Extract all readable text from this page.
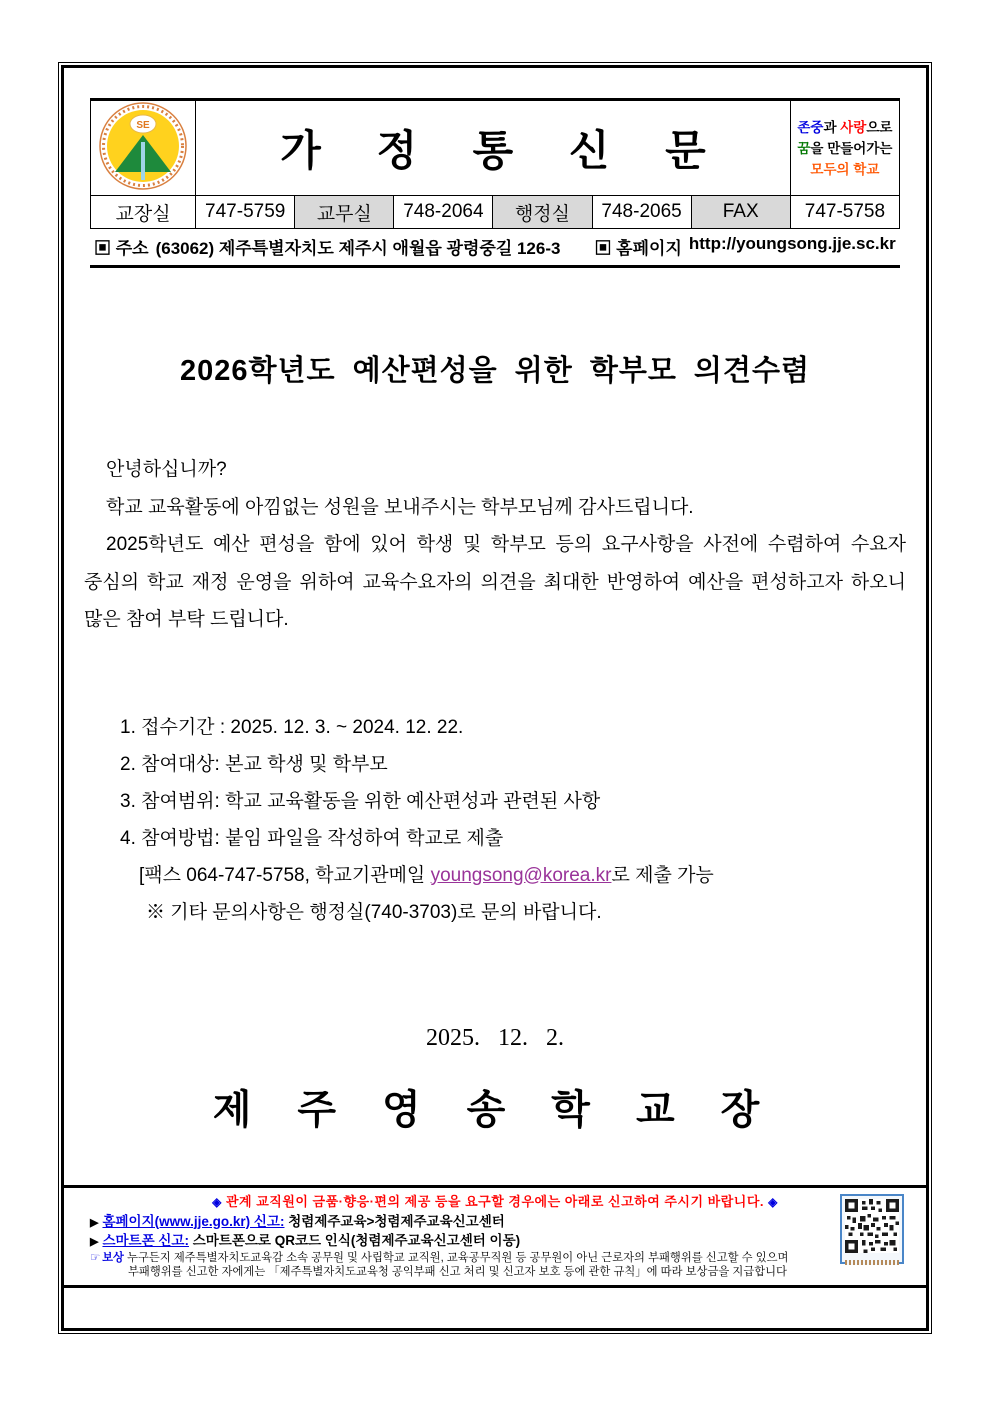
SE	가 정 통 신 문						존중과 사랑으로
꿈을 만들어가는
모두의 학교

교장실	747-5759	교무실	748-2064	행정실	748-2065	FAX	747-5758
▣ 주소 (63062) 제주특별자치도 제주시 애월읍 광령중길 126-3 ▣ 홈페이지 http://youngsong.jje.sc.kr
2026학년도 예산편성을 위한 학부모 의견수렴

안녕하십니까?

학교 교육활동에 아낌없는 성원을 보내주시는 학부모님께 감사드립니다.

2025학년도 예산 편성을 함에 있어 학생 및 학부모 등의 요구사항을 사전에 수렴하여 수요자 중심의 학교 재정 운영을 위하여 교육수요자의 의견을 최대한 반영하여 예산을 편성하고자 하오니 많은 참여 부탁 드립니다.

1. 접수기간 : 2025. 12. 3. ~ 2024. 12. 22.
2. 참여대상: 본교 학생 및 학부모
3. 참여범위: 학교 교육활동을 위한 예산편성과 관련된 사항
4. 참여방법: 붙임 파일을 작성하여 학교로 제출
[팩스 064-747-5758, 학교기관메일 youngsong@korea.kr로 제출 가능
※ 기타 문의사항은 행정실(740-3703)로 문의 바랍니다.
2025.   12.   2.
제 주 영 송 학 교 장
◈ 관계 교직원이 금품·향응·편의 제공 등을 요구할 경우에는 아래로 신고하여 주시기 바랍니다. ◈
▶ 홈페이지(www.jje.go.kr) 신고: 청렴제주교육>청렴제주교육신고센터
▶ 스마트폰 신고: 스마트폰으로 QR코드 인식(청렴제주교육신고센터 이동)
☞ 보상 누구든지 제주특별자치도교육감 소속 공무원 및 사립학교 교직원, 교육공무직원 등 공무원이 아닌 근로자의 부패행위를 신고할 수 있으며
부패행위를 신고한 자에게는 「제주특별자치도교육청 공익부패 신고 처리 및 신고자 보호 등에 관한 규칙」에 따라 보상금을 지급합니다
